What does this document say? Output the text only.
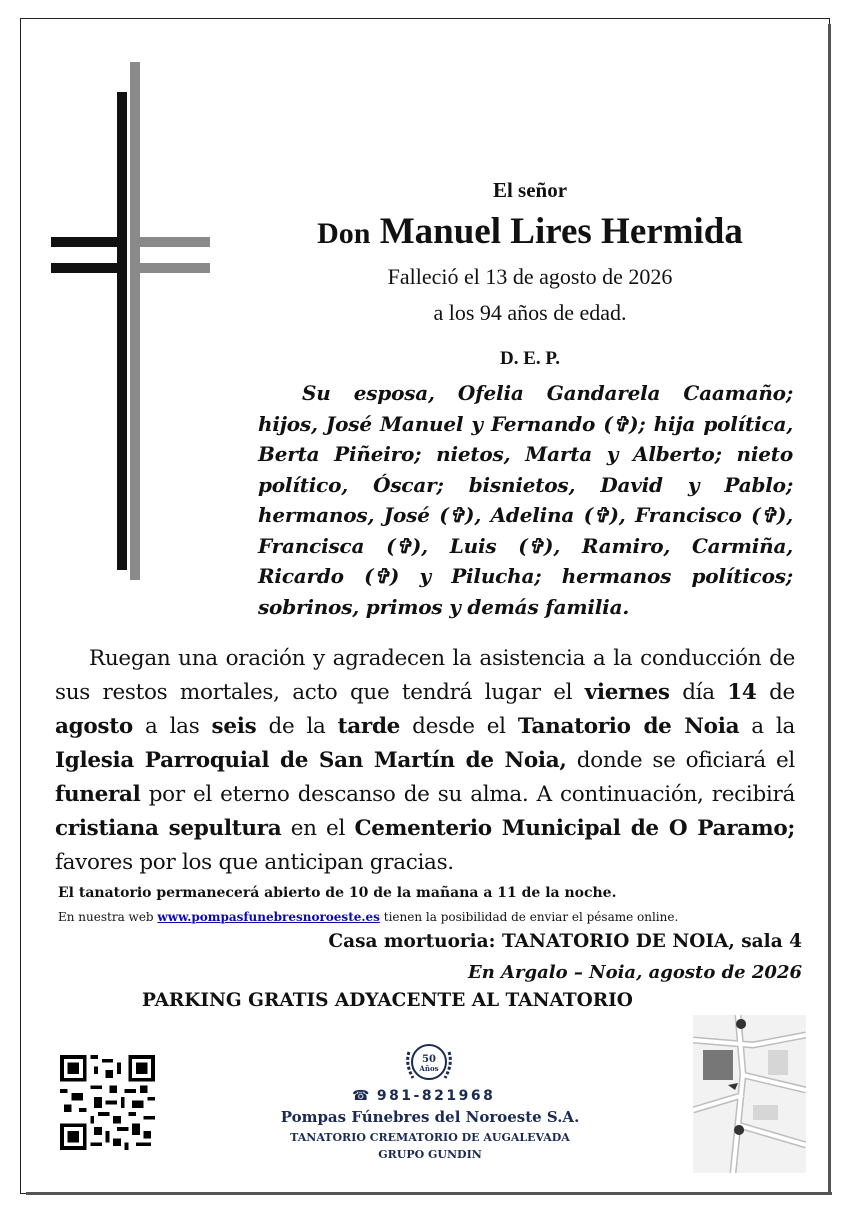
El señor
Don Manuel Lires Hermida
Falleció el 13 de agosto de 2026
a los 94 años de edad.
D. E. P.
Su esposa, Ofelia Gandarela Caamaño; hijos, José Manuel y Fernando (✞); hija política, Berta Piñeiro; nietos, Marta y Alberto; nieto político, Óscar; bisnietos, David y Pablo; hermanos, José (✞), Adelina (✞), Francisco (✞), Francisca (✞), Luis (✞), Ramiro, Carmiña, Ricardo (✞) y Pilucha; hermanos políticos; sobrinos, primos y demás familia.
Ruegan una oración y agradecen la asistencia a la conducción de sus restos mortales, acto que tendrá lugar el viernes día 14 de agosto a las seis de la tarde desde el Tanatorio de Noia a la Iglesia Parroquial de San Martín de Noia, donde se oficiará el funeral por el eterno descanso de su alma. A continuación, recibirá cristiana sepultura en el Cementerio Municipal de O Paramo; favores por los que anticipan gracias.
El tanatorio permanecerá abierto de 10 de la mañana a 11 de la noche.
En nuestra web www.pompasfunebresnoroeste.es tienen la posibilidad de enviar el pésame online.
Casa mortuoria: TANATORIO DE NOIA, sala 4
En Argalo – Noia, agosto de 2026
PARKING GRATIS ADYACENTE AL TANATORIO
50
Años
☎ 981-821968
Pompas Fúnebres del Noroeste S.A.
TANATORIO CREMATORIO DE AUGALEVADA
GRUPO GUNDIN
